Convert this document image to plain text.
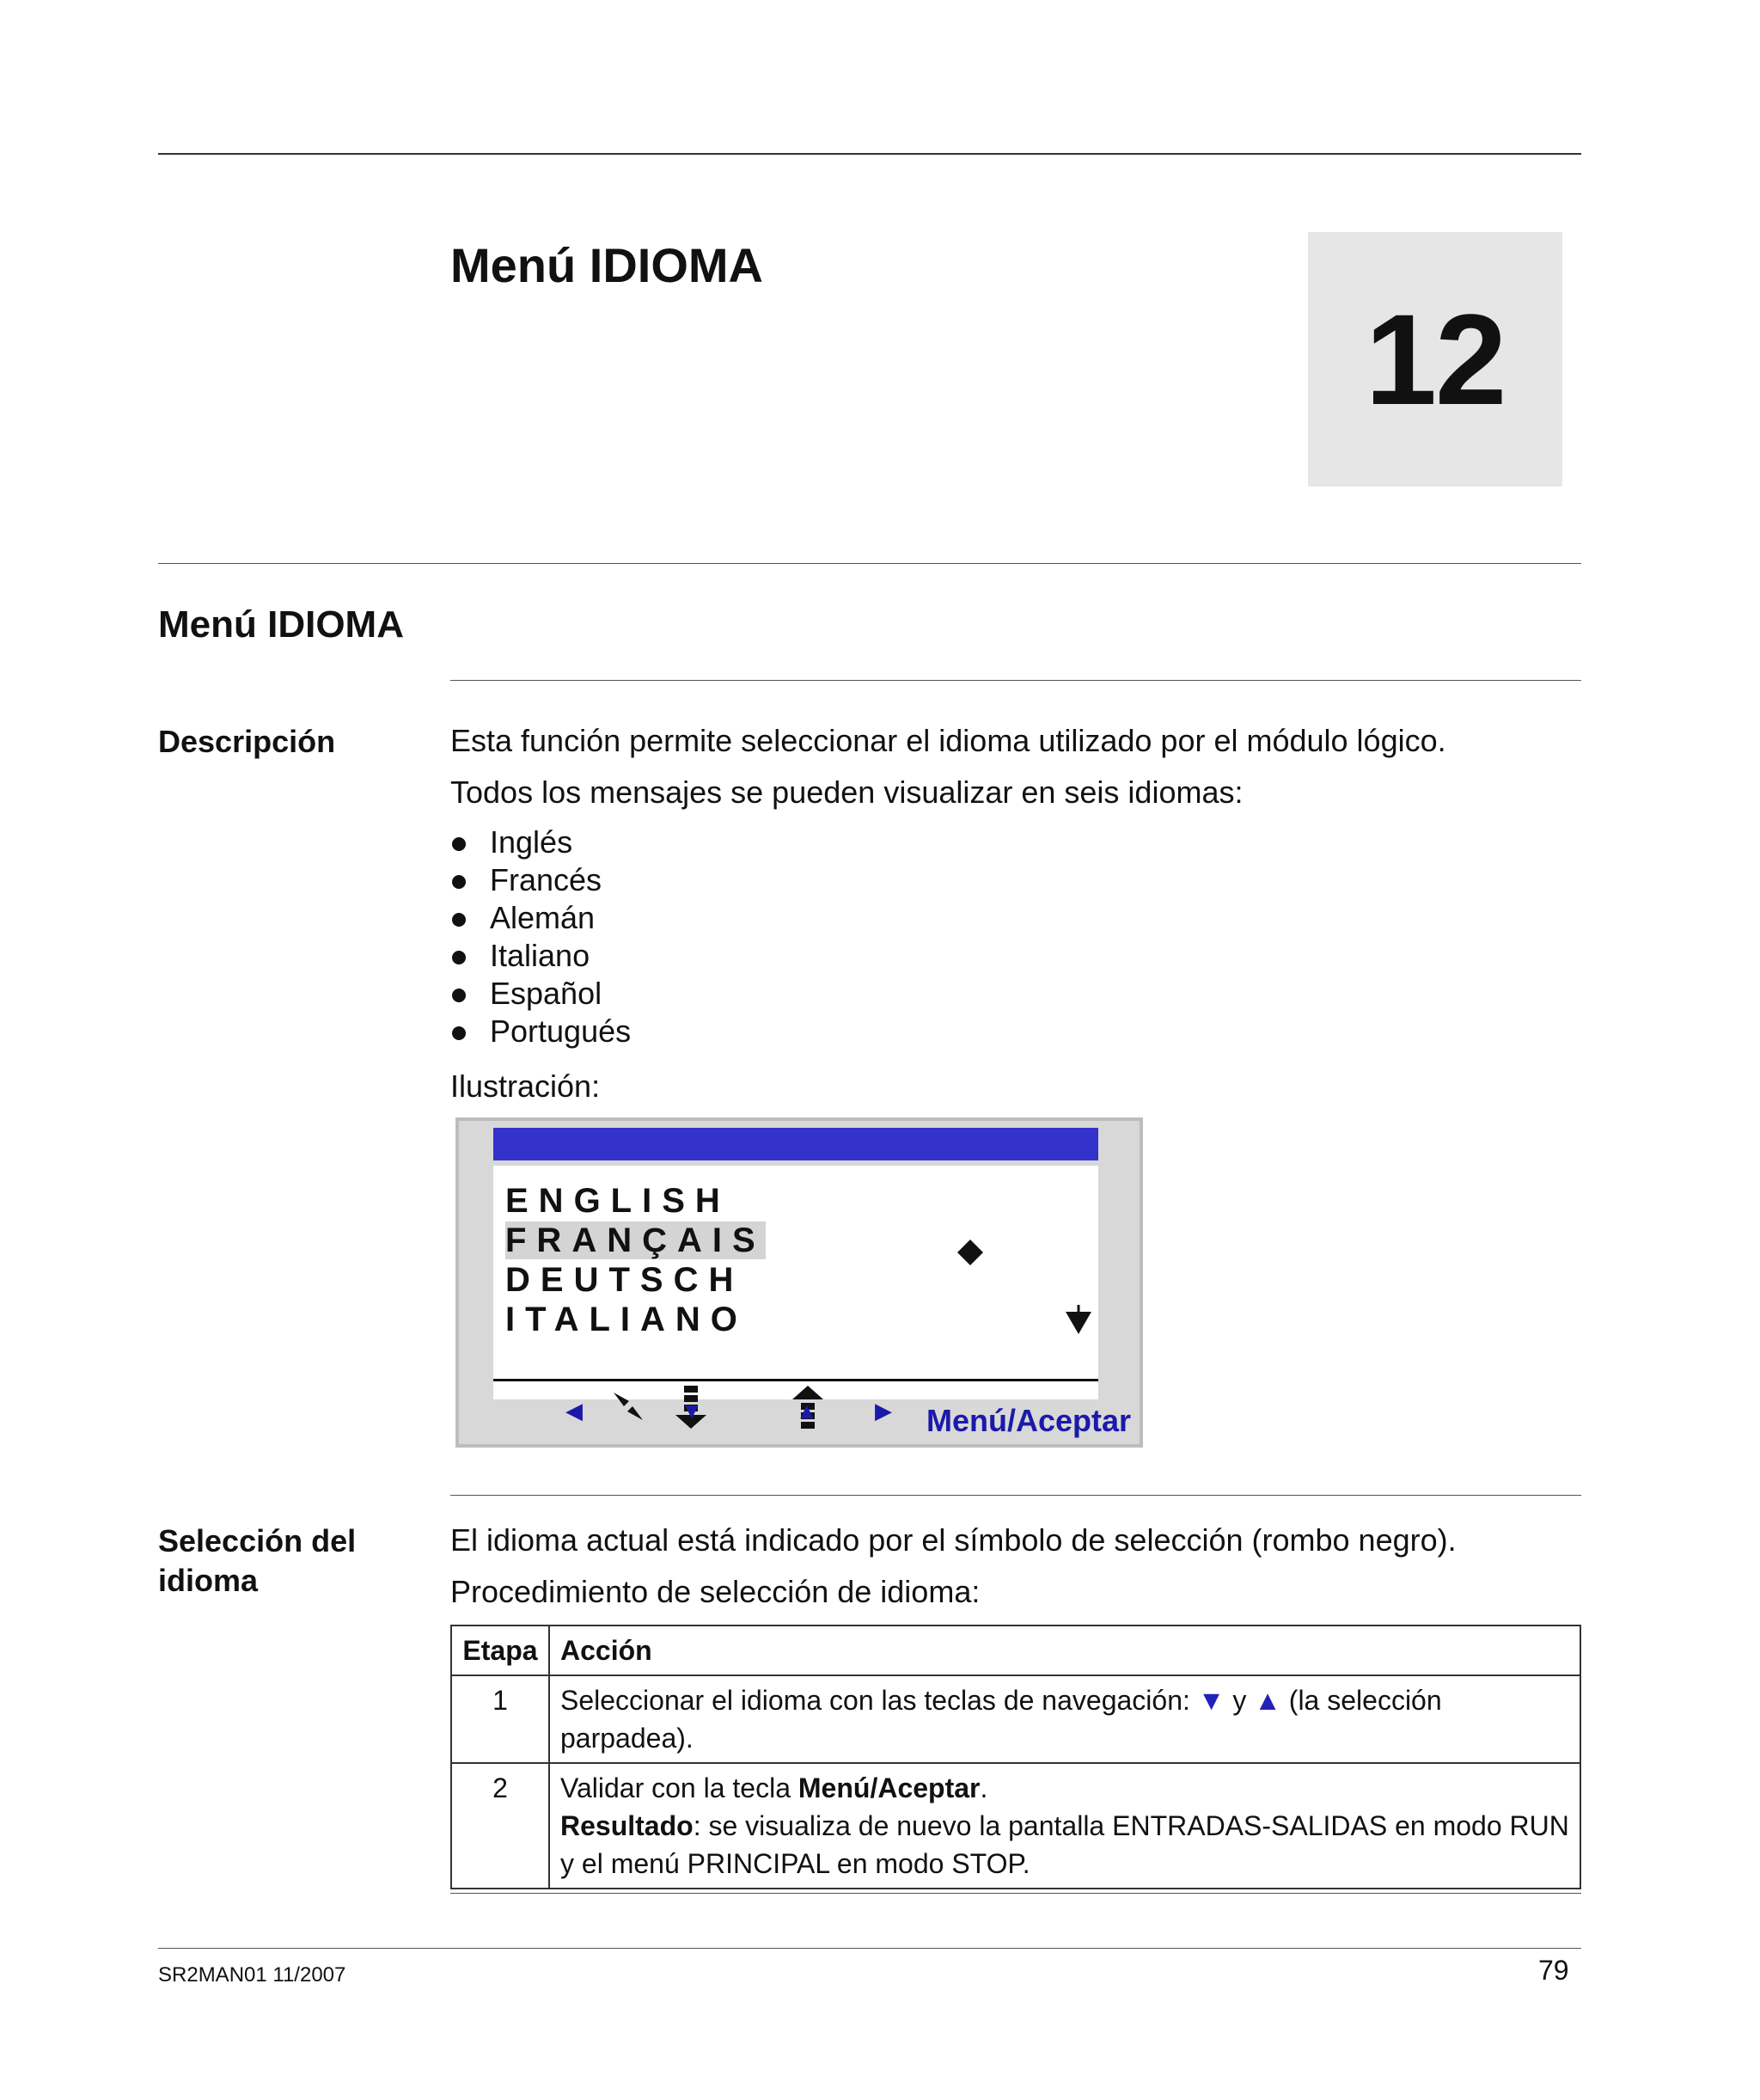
Menú IDIOMA
12
Menú IDIOMA
Descripción	Esta función permite seleccionar el idioma utilizado por el módulo lógico.
Todos los mensajes se pueden visualizar en seis idiomas:
Inglés
Francés
Alemán
Italiano
Español
Portugués
Ilustración:
ENGLISH
FRANÇAIS
DEUTSCH
ITALIANO
◀	▼	▲	▶ Menú/Aceptar
Selección del
idioma
El idioma actual está indicado por el símbolo de selección (rombo negro).
Procedimiento de selección de idioma:
Etapa	Acción
1	Seleccionar el idioma con las teclas de navegación: ▼ y ▲ (la selección parpadea).
2	Validar con la tecla Menú/Aceptar.
Resultado: se visualiza de nuevo la pantalla ENTRADAS-SALIDAS en modo RUN y el menú PRINCIPAL en modo STOP.
SR2MAN01 11/2007	79
